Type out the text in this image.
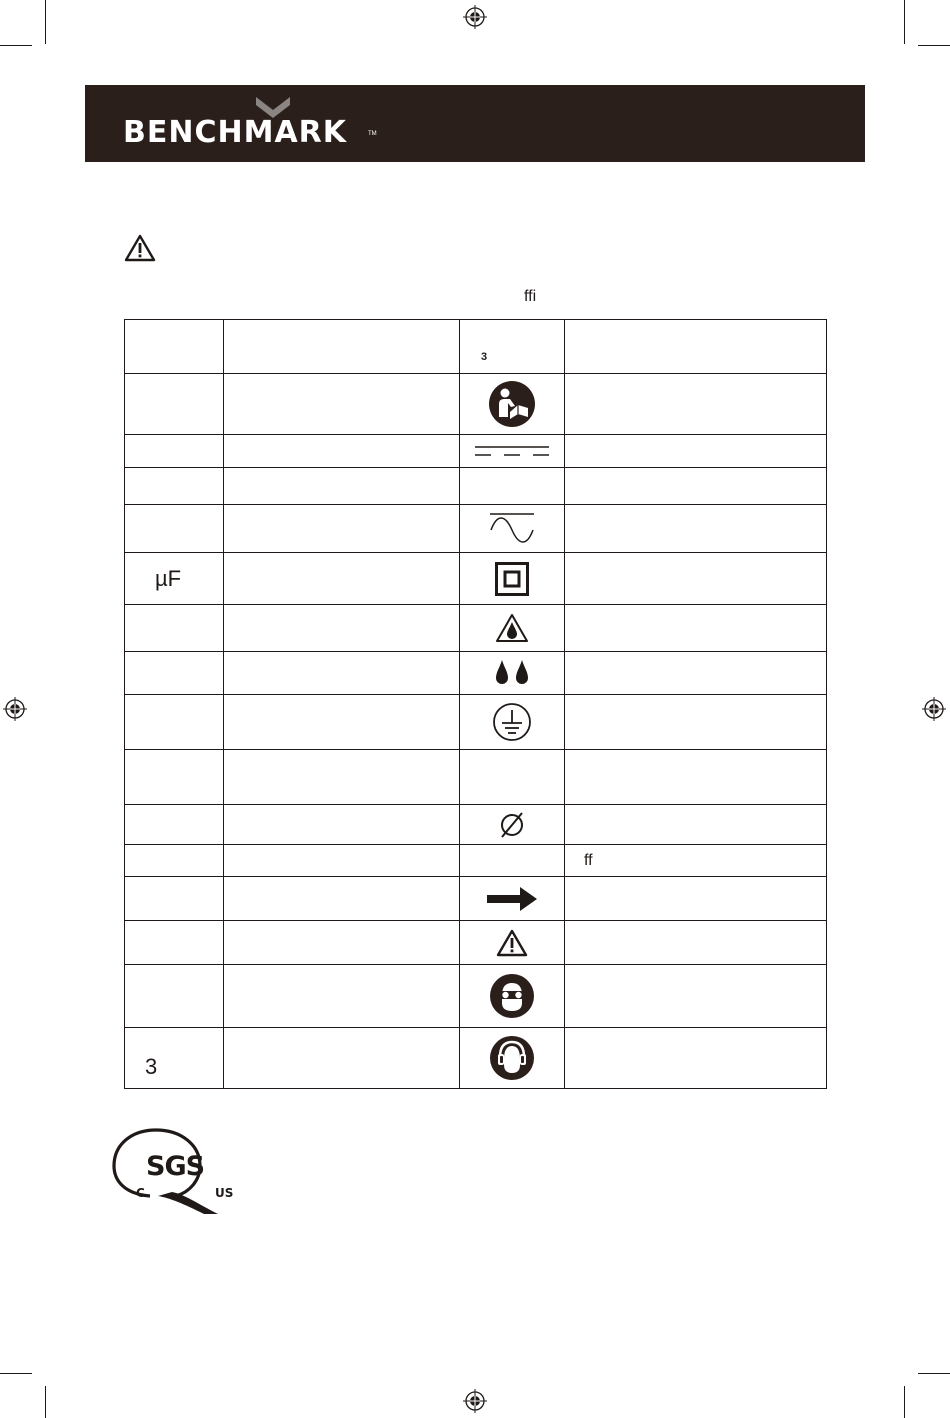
BENCHMARK	TM
ffi

		3	

µF

			ff

3

SGS
C	US
